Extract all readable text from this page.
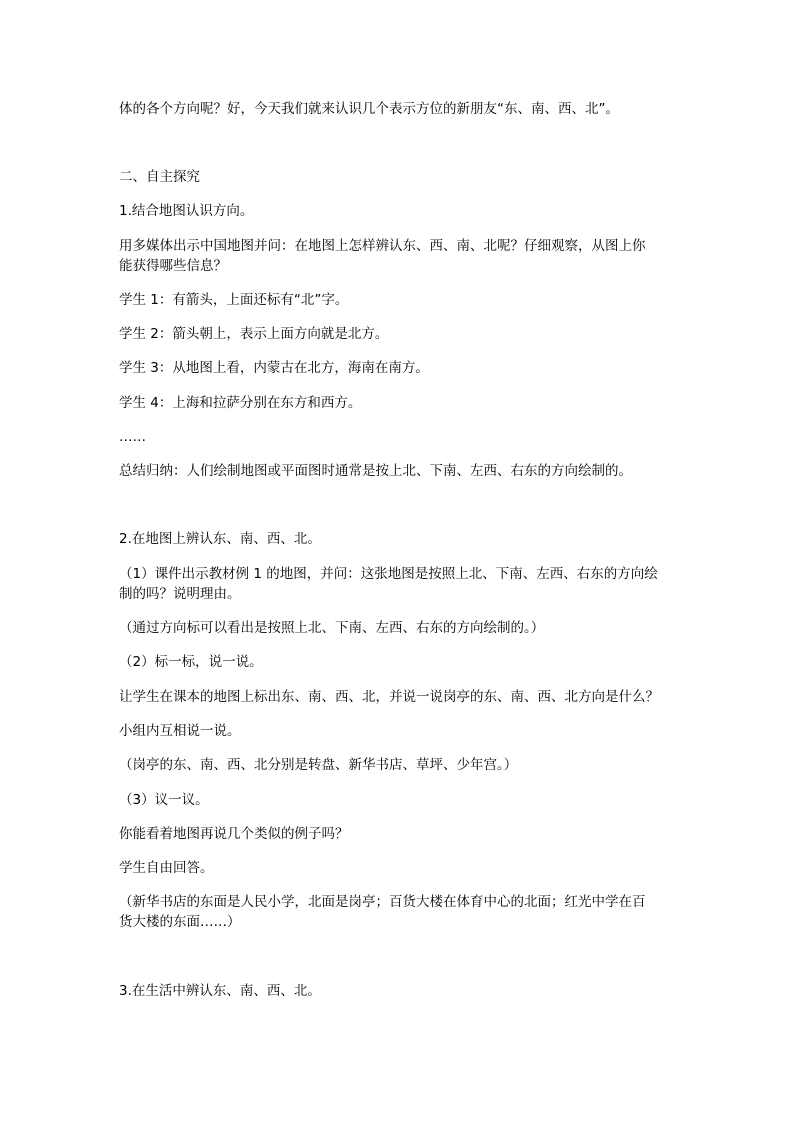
体的各个方向呢？好，今天我们就来认识几个表示方位的新朋友“东、南、西、北”。

二、自主探究

1.结合地图认识方向。

用多媒体出示中国地图并问：在地图上怎样辨认东、西、南、北呢？仔细观察，从图上你

能获得哪些信息？

学生 1：有箭头，上面还标有“北”字。

学生 2：箭头朝上，表示上面方向就是北方。

学生 3：从地图上看，内蒙古在北方，海南在南方。

学生 4：上海和拉萨分别在东方和西方。

……

总结归纳：人们绘制地图或平面图时通常是按上北、下南、左西、右东的方向绘制的。

2.在地图上辨认东、南、西、北。

（1）课件出示教材例 1 的地图，并问：这张地图是按照上北、下南、左西、右东的方向绘

制的吗？说明理由。

（通过方向标可以看出是按照上北、下南、左西、右东的方向绘制的。）

（2）标一标，说一说。

让学生在课本的地图上标出东、南、西、北，并说一说岗亭的东、南、西、北方向是什么？

小组内互相说一说。

（岗亭的东、南、西、北分别是转盘、新华书店、草坪、少年宫。）

（3）议一议。

你能看着地图再说几个类似的例子吗？

学生自由回答。

（新华书店的东面是人民小学，北面是岗亭；百货大楼在体育中心的北面；红光中学在百

货大楼的东面……）

3.在生活中辨认东、南、西、北。
